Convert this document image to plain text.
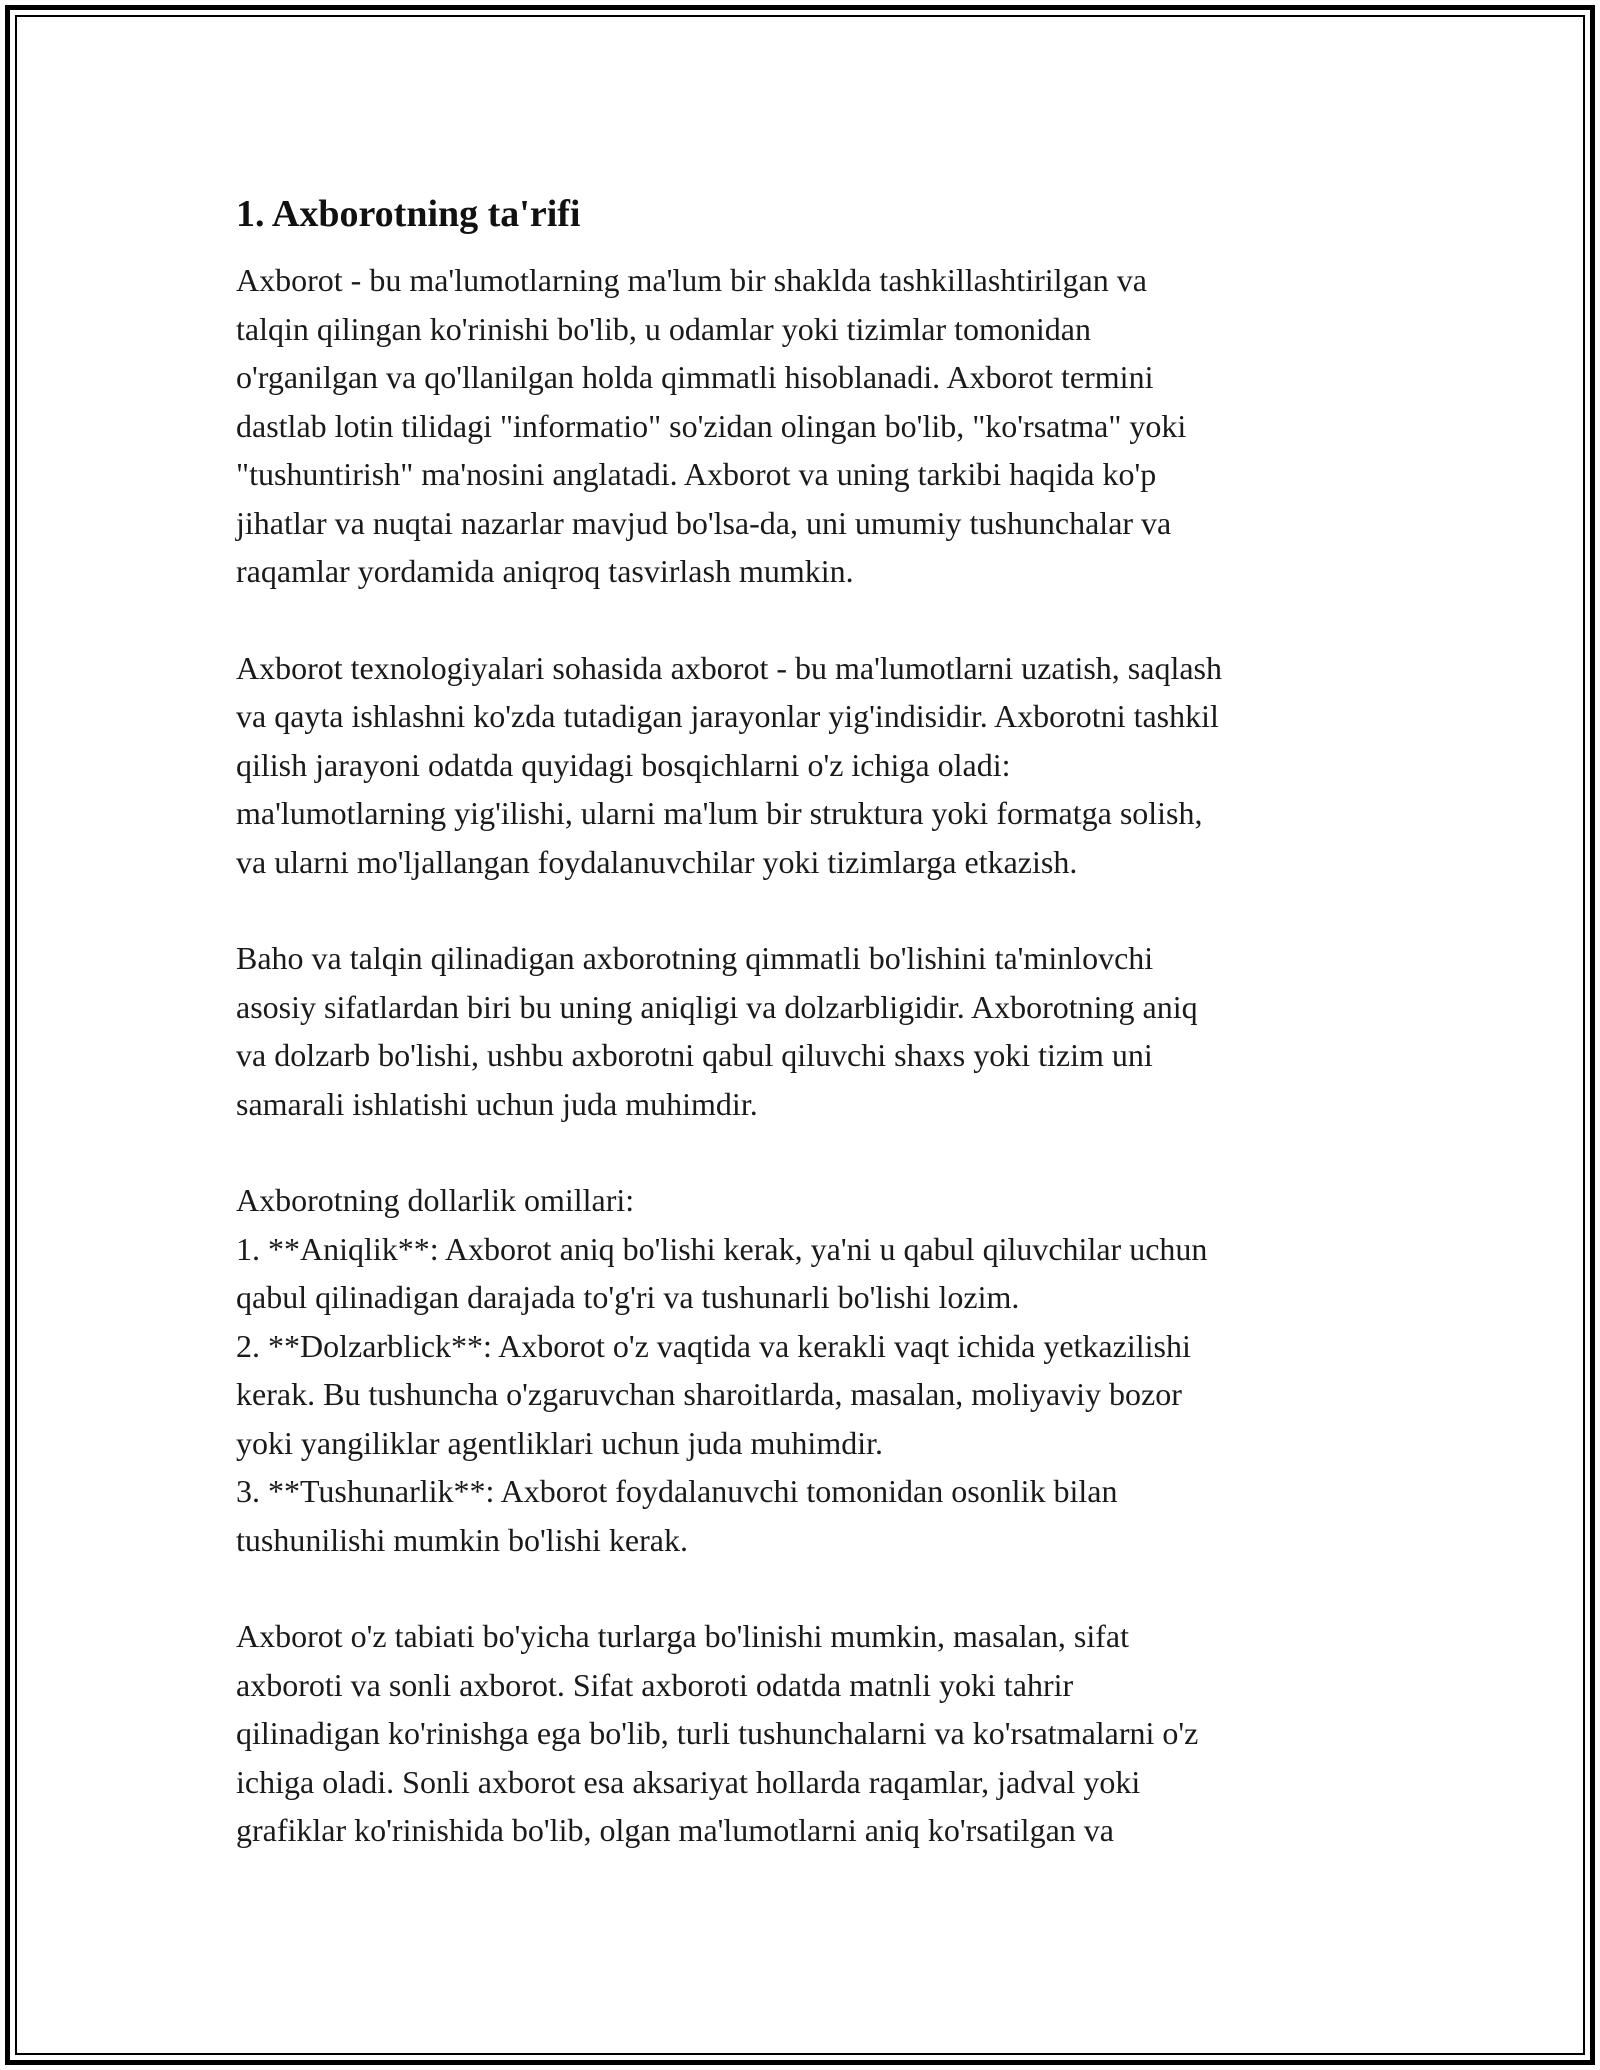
1. Axborotning ta'rifi

Axborot - bu ma'lumotlarning ma'lum bir shaklda tashkillashtirilgan va
talqin qilingan ko'rinishi bo'lib, u odamlar yoki tizimlar tomonidan
o'rganilgan va qo'llanilgan holda qimmatli hisoblanadi. Axborot termini
dastlab lotin tilidagi "informatio" so'zidan olingan bo'lib, "ko'rsatma" yoki
"tushuntirish" ma'nosini anglatadi. Axborot va uning tarkibi haqida ko'p
jihatlar va nuqtai nazarlar mavjud bo'lsa-da, uni umumiy tushunchalar va
raqamlar yordamida aniqroq tasvirlash mumkin.

Axborot texnologiyalari sohasida axborot - bu ma'lumotlarni uzatish, saqlash
va qayta ishlashni ko'zda tutadigan jarayonlar yig'indisidir. Axborotni tashkil
qilish jarayoni odatda quyidagi bosqichlarni o'z ichiga oladi:
ma'lumotlarning yig'ilishi, ularni ma'lum bir struktura yoki formatga solish,
va ularni mo'ljallangan foydalanuvchilar yoki tizimlarga etkazish.

Baho va talqin qilinadigan axborotning qimmatli bo'lishini ta'minlovchi
asosiy sifatlardan biri bu uning aniqligi va dolzarbligidir. Axborotning aniq
va dolzarb bo'lishi, ushbu axborotni qabul qiluvchi shaxs yoki tizim uni
samarali ishlatishi uchun juda muhimdir.

Axborotning dollarlik omillari:
1. **Aniqlik**: Axborot aniq bo'lishi kerak, ya'ni u qabul qiluvchilar uchun
qabul qilinadigan darajada to'g'ri va tushunarli bo'lishi lozim.
2. **Dolzarblick**: Axborot o'z vaqtida va kerakli vaqt ichida yetkazilishi
kerak. Bu tushuncha o'zgaruvchan sharoitlarda, masalan, moliyaviy bozor
yoki yangiliklar agentliklari uchun juda muhimdir.
3. **Tushunarlik**: Axborot foydalanuvchi tomonidan osonlik bilan
tushunilishi mumkin bo'lishi kerak.

Axborot o'z tabiati bo'yicha turlarga bo'linishi mumkin, masalan, sifat
axboroti va sonli axborot. Sifat axboroti odatda matnli yoki tahrir
qilinadigan ko'rinishga ega bo'lib, turli tushunchalarni va ko'rsatmalarni o'z
ichiga oladi. Sonli axborot esa aksariyat hollarda raqamlar, jadval yoki
grafiklar ko'rinishida bo'lib, olgan ma'lumotlarni aniq ko'rsatilgan va
